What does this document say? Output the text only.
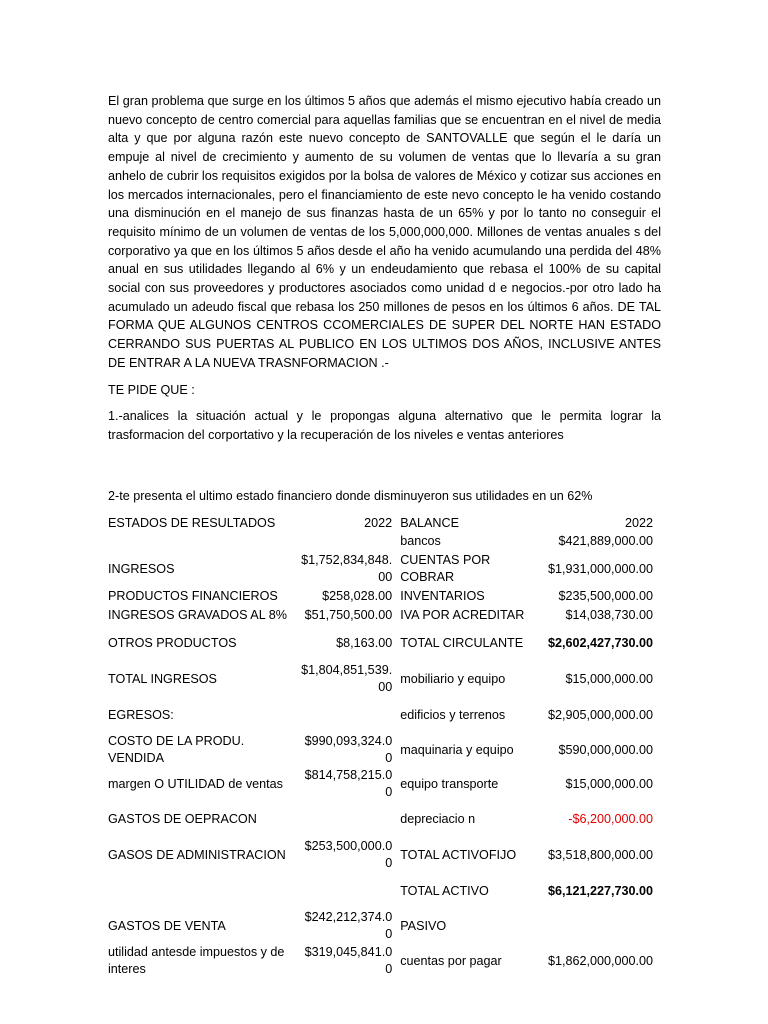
El gran problema que surge en los últimos 5 años que además el mismo ejecutivo había creado un nuevo concepto de centro comercial para aquellas familias que se encuentran en el nivel de media alta y que por alguna razón este nuevo concepto de SANTOVALLE que según el le daría un empuje al nivel de crecimiento y aumento de su volumen de ventas que lo llevaría a su gran anhelo de cubrir los requisitos exigidos por la bolsa de valores de México y cotizar sus acciones en los mercados internacionales, pero el financiamiento de este nevo concepto le ha venido costando una disminución en el manejo de sus finanzas hasta de un 65% y por lo tanto no conseguir el requisito mínimo de un volumen de ventas de los 5,000,000,000. Millones de ventas anuales s del corporativo ya que en los últimos 5 años desde el año ha venido acumulando una perdida del 48% anual en sus utilidades llegando al 6% y un endeudamiento que rebasa el 100% de su capital social con sus proveedores y productores asociados como unidad d e negocios.-por otro lado ha acumulado un adeudo fiscal que rebasa los 250 millones de pesos en los últimos 6 años. DE TAL FORMA QUE ALGUNOS CENTROS CCOMERCIALES DE SUPER DEL NORTE HAN ESTADO CERRANDO SUS PUERTAS AL PUBLICO EN LOS ULTIMOS DOS AÑOS, INCLUSIVE ANTES DE ENTRAR A LA NUEVA TRASNFORMACION .-

TE PIDE QUE :

1.-analices la situación actual y le propongas alguna alternativo que le permita lograr la trasformacion del corportativo y la recuperación de los niveles e ventas anteriores

2-te presenta el ultimo estado financiero donde disminuyeron sus utilidades en un 62%

ESTADOS DE RESULTADOS	2022	BALANCE	2022
		bancos	$421,889,000.00
INGRESOS	$1,752,834,848.00	CUENTAS POR COBRAR	$1,931,000,000.00
PRODUCTOS FINANCIEROS	$258,028.00	INVENTARIOS	$235,500,000.00
INGRESOS GRAVADOS AL 8%	$51,750,500.00	IVA POR ACREDITAR	$14,038,730.00
OTROS PRODUCTOS	$8,163.00	TOTAL CIRCULANTE	$2,602,427,730.00
TOTAL INGRESOS	$1,804,851,539.00	mobiliario y equipo	$15,000,000.00
EGRESOS:		edificios y terrenos	$2,905,000,000.00
COSTO DE LA PRODU. VENDIDA	$990,093,324.00	maquinaria y equipo	$590,000,000.00
margen O UTILIDAD de ventas	$814,758,215.00	equipo transporte	$15,000,000.00
GASTOS DE OEPRACON		depreciacio n	-$6,200,000.00
GASOS DE ADMINISTRACION	$253,500,000.00	TOTAL ACTIVOFIJO	$3,518,800,000.00
		TOTAL ACTIVO	$6,121,227,730.00
GASTOS DE VENTA	$242,212,374.00	PASIVO	
utilidad antesde impuestos y de interes	$319,045,841.00	cuentas por pagar	$1,862,000,000.00
